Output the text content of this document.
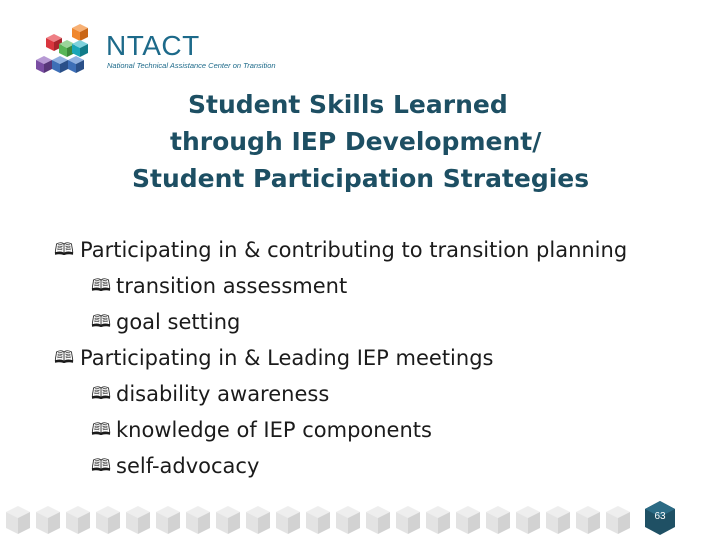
NTACT
National Technical Assistance Center on Transition
Student Skills Learned
through IEP Development/
Student Participation Strategies
🕮 Participating in & contributing to transition planning
🕮 transition assessment
🕮 goal setting
🕮 Participating in & Leading IEP meetings
🕮 disability awareness
🕮 knowledge of IEP components
🕮 self-advocacy
63
